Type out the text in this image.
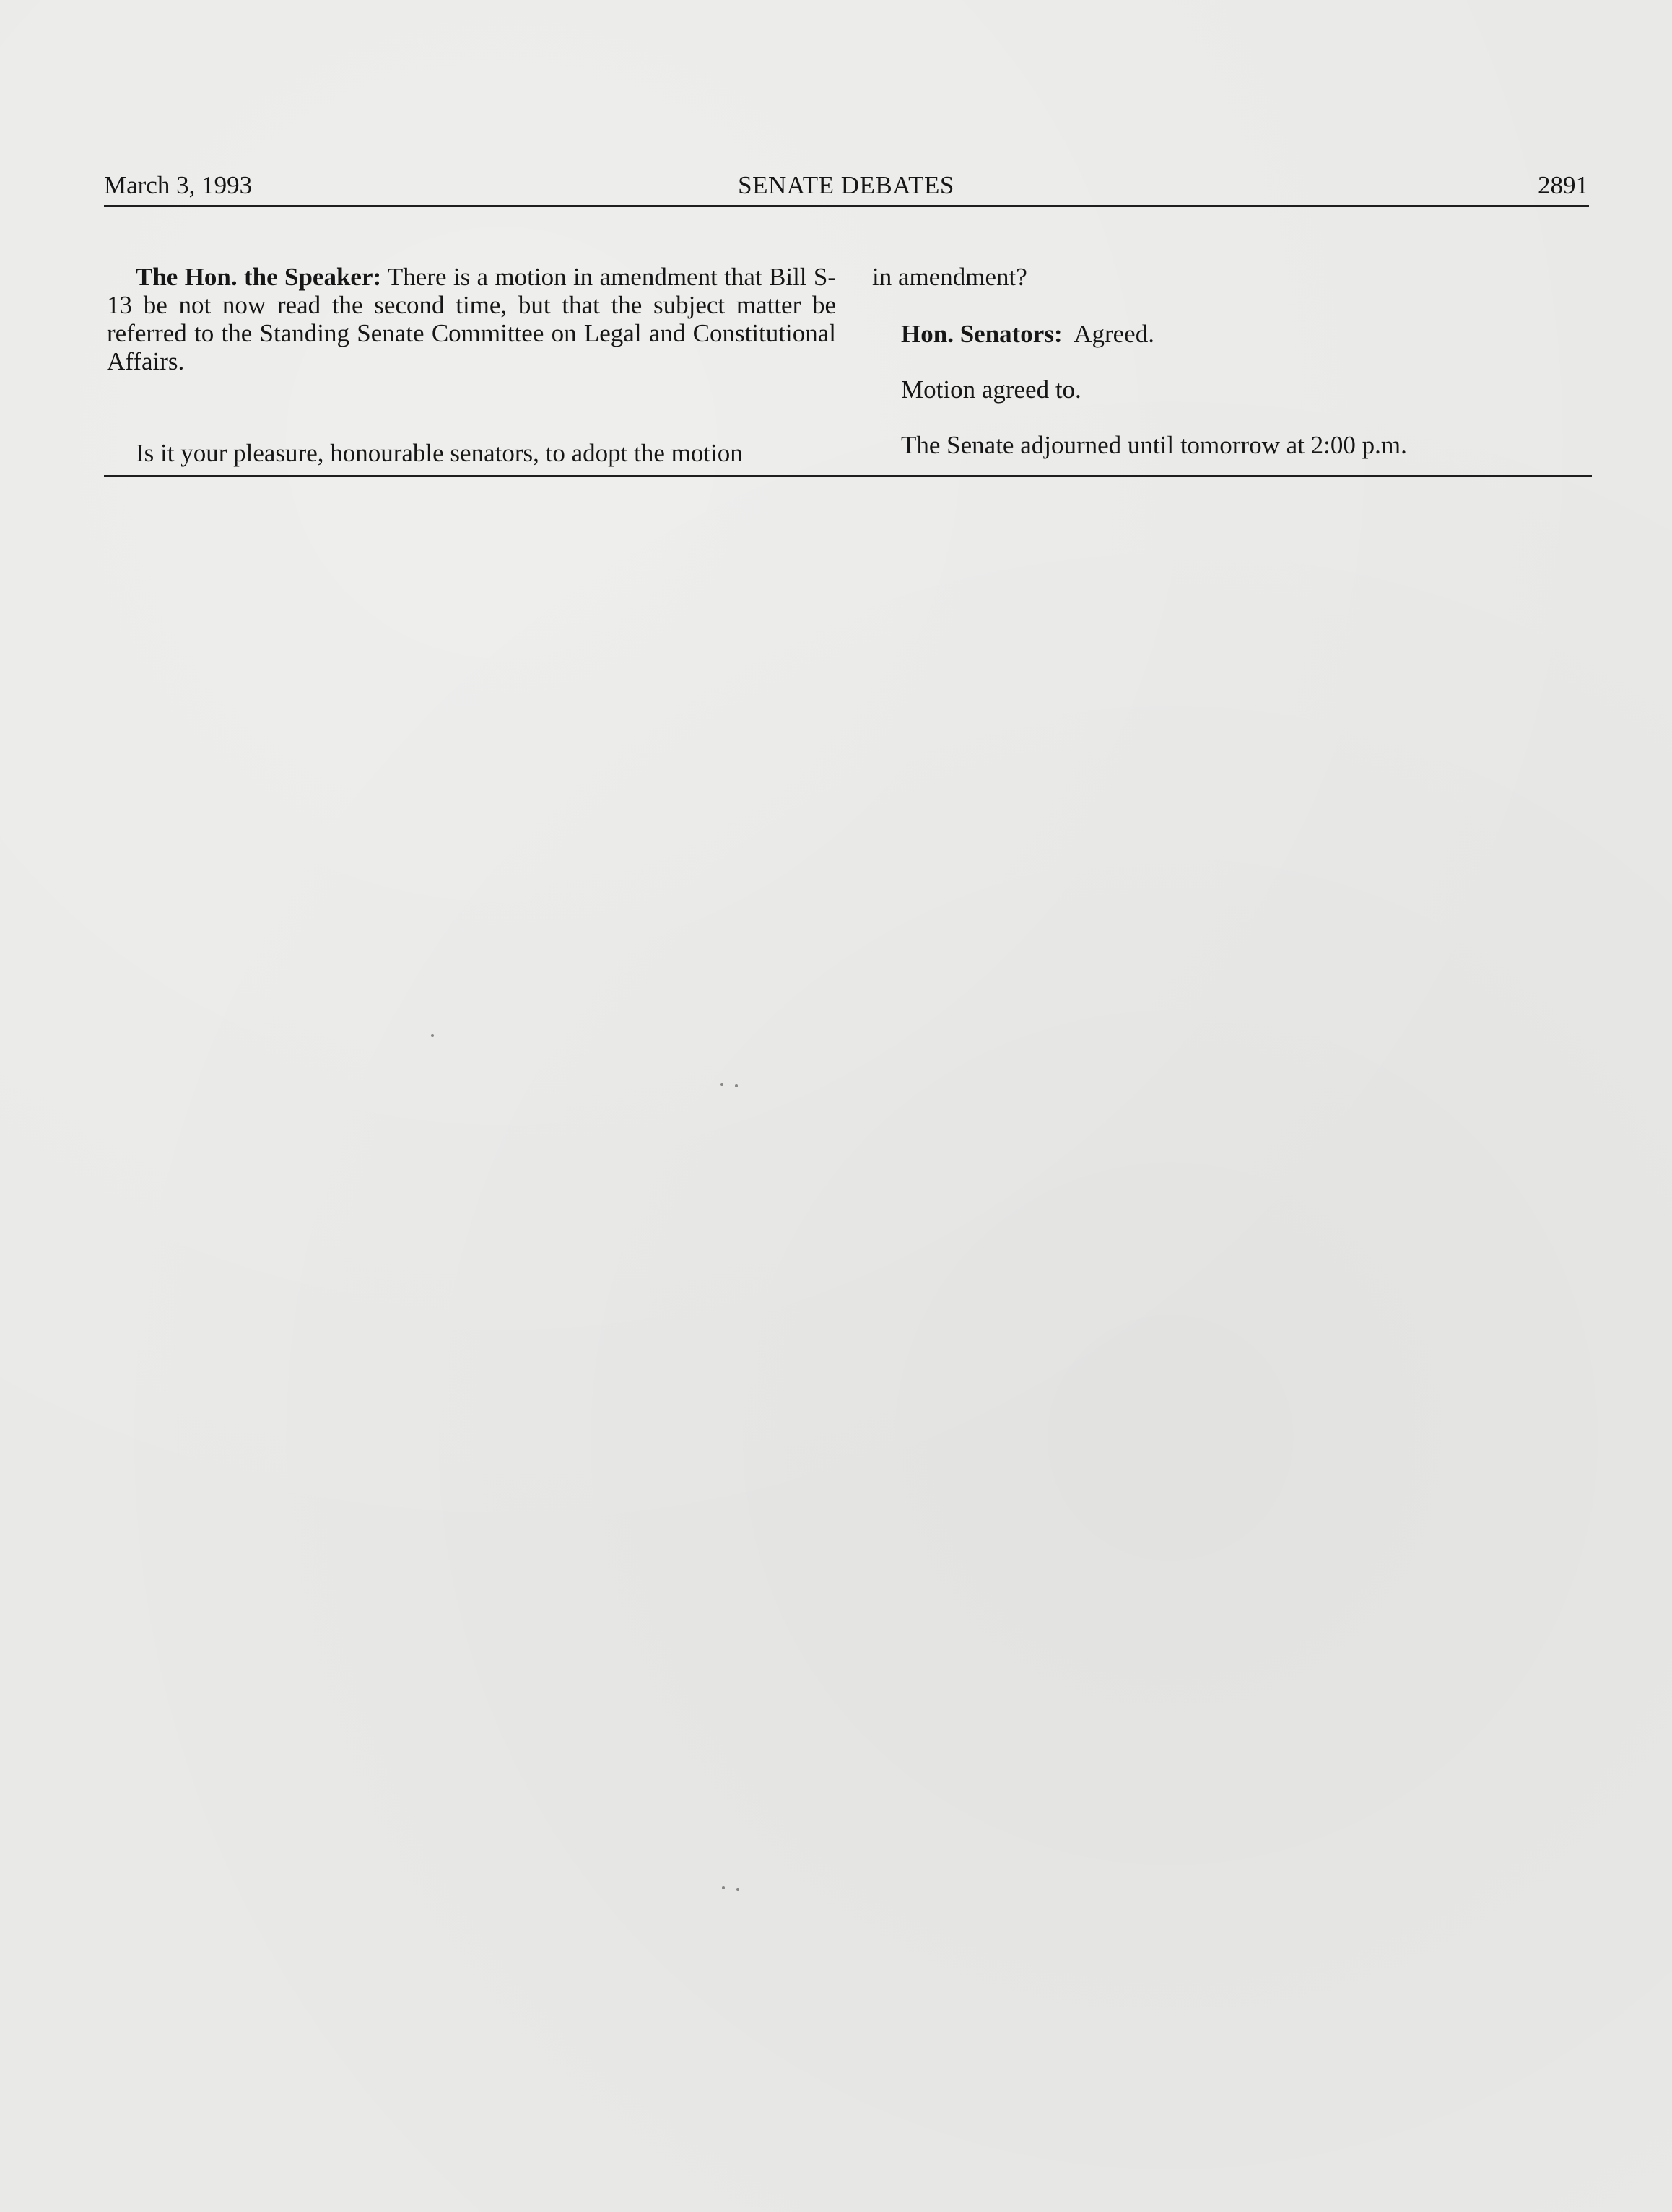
March 3, 1993	SENATE DEBATES	2891

The Hon. the Speaker: There is a motion in amendment that Bill S-13 be not now read the second time, but that the subject matter be referred to the Standing Senate Committee on Legal and Constitutional Affairs.

Is it your pleasure, honourable senators, to adopt the motion

in amendment?

Hon. Senators: Agreed.

Motion agreed to.

The Senate adjourned until tomorrow at 2:00 p.m.
